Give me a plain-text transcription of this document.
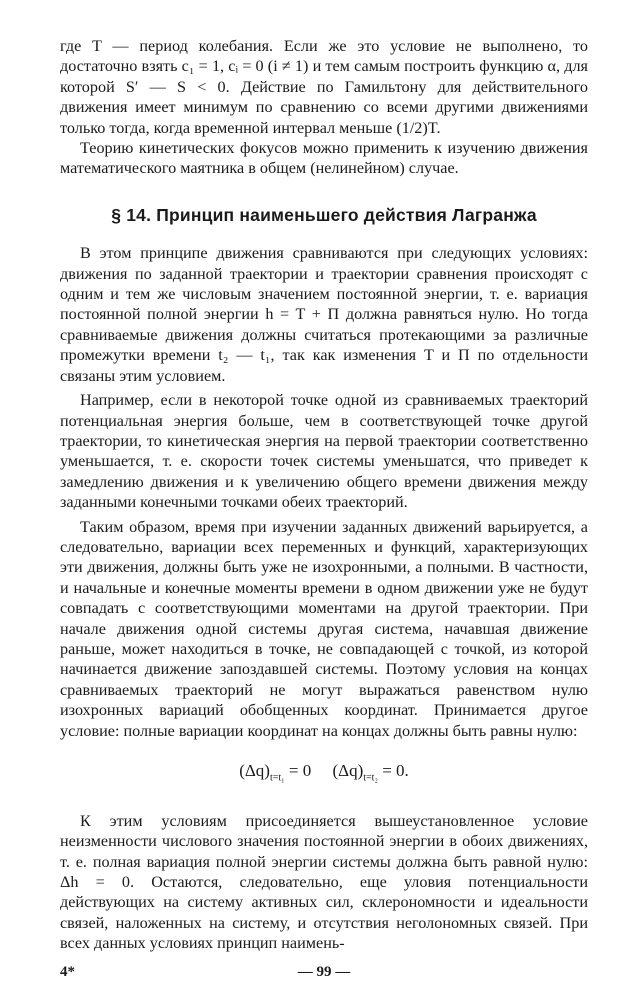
где T — период колебания. Если же это условие не выполнено, то достаточно взять c₁ = 1, cᵢ = 0 (i ≠ 1) и тем самым построить функцию α, для которой S′ — S < 0. Действие по Гамильтону для действительного движения имеет минимум по сравнению со всеми другими движениями только тогда, когда временной интервал меньше (1/2)T.

Теорию кинетических фокусов можно применить к изучению движения математического маятника в общем (нелинейном) случае.

§ 14. Принцип наименьшего действия Лагранжа

В этом принципе движения сравниваются при следующих условиях: движения по заданной траектории и траектории сравнения происходят с одним и тем же числовым значением постоянной энергии, т. е. вариация постоянной полной энергии h = T + Π должна равняться нулю. Но тогда сравниваемые движения должны считаться протекающими за различные промежутки времени t₂ — t₁, так как изменения T и Π по отдельности связаны этим условием.

Например, если в некоторой точке одной из сравниваемых траекторий потенциальная энергия больше, чем в соответствующей точке другой траектории, то кинетическая энергия на первой траектории соответственно уменьшается, т. е. скорости точек системы уменьшатся, что приведет к замедлению движения и к увеличению общего времени движения между заданными конечными точками обеих траекторий.

Таким образом, время при изучении заданных движений варьируется, а следовательно, вариации всех переменных и функций, характеризующих эти движения, должны быть уже не изохронными, а полными. В частности, и начальные и конечные моменты времени в одном движении уже не будут совпадать с соответствующими моментами на другой траектории. При начале движения одной системы другая система, начавшая движение раньше, может находиться в точке, не совпадающей с точкой, из которой начинается движение запоздавшей системы. Поэтому условия на концах сравниваемых траекторий не могут выражаться равенством нулю изохронных вариаций обобщенных координат. Принимается другое условие: полные вариации координат на концах должны быть равны нулю:

$(\Delta q)_{t=t_1} = 0$ $(\Delta q)_{t=t_2} = 0$.

К этим условиям присоединяется вышеустановленное условие неизменности числового значения постоянной энергии в обоих движениях, т. е. полная вариация полной энергии системы должна быть равной нулю: Δh = 0. Остаются, следовательно, еще уловия потенциальности действующих на систему активных сил, склерономности и идеальности связей, наложенных на систему, и отсутствия неголономных связей. При всех данных условиях принцип наимень-

4*	— 99 —
